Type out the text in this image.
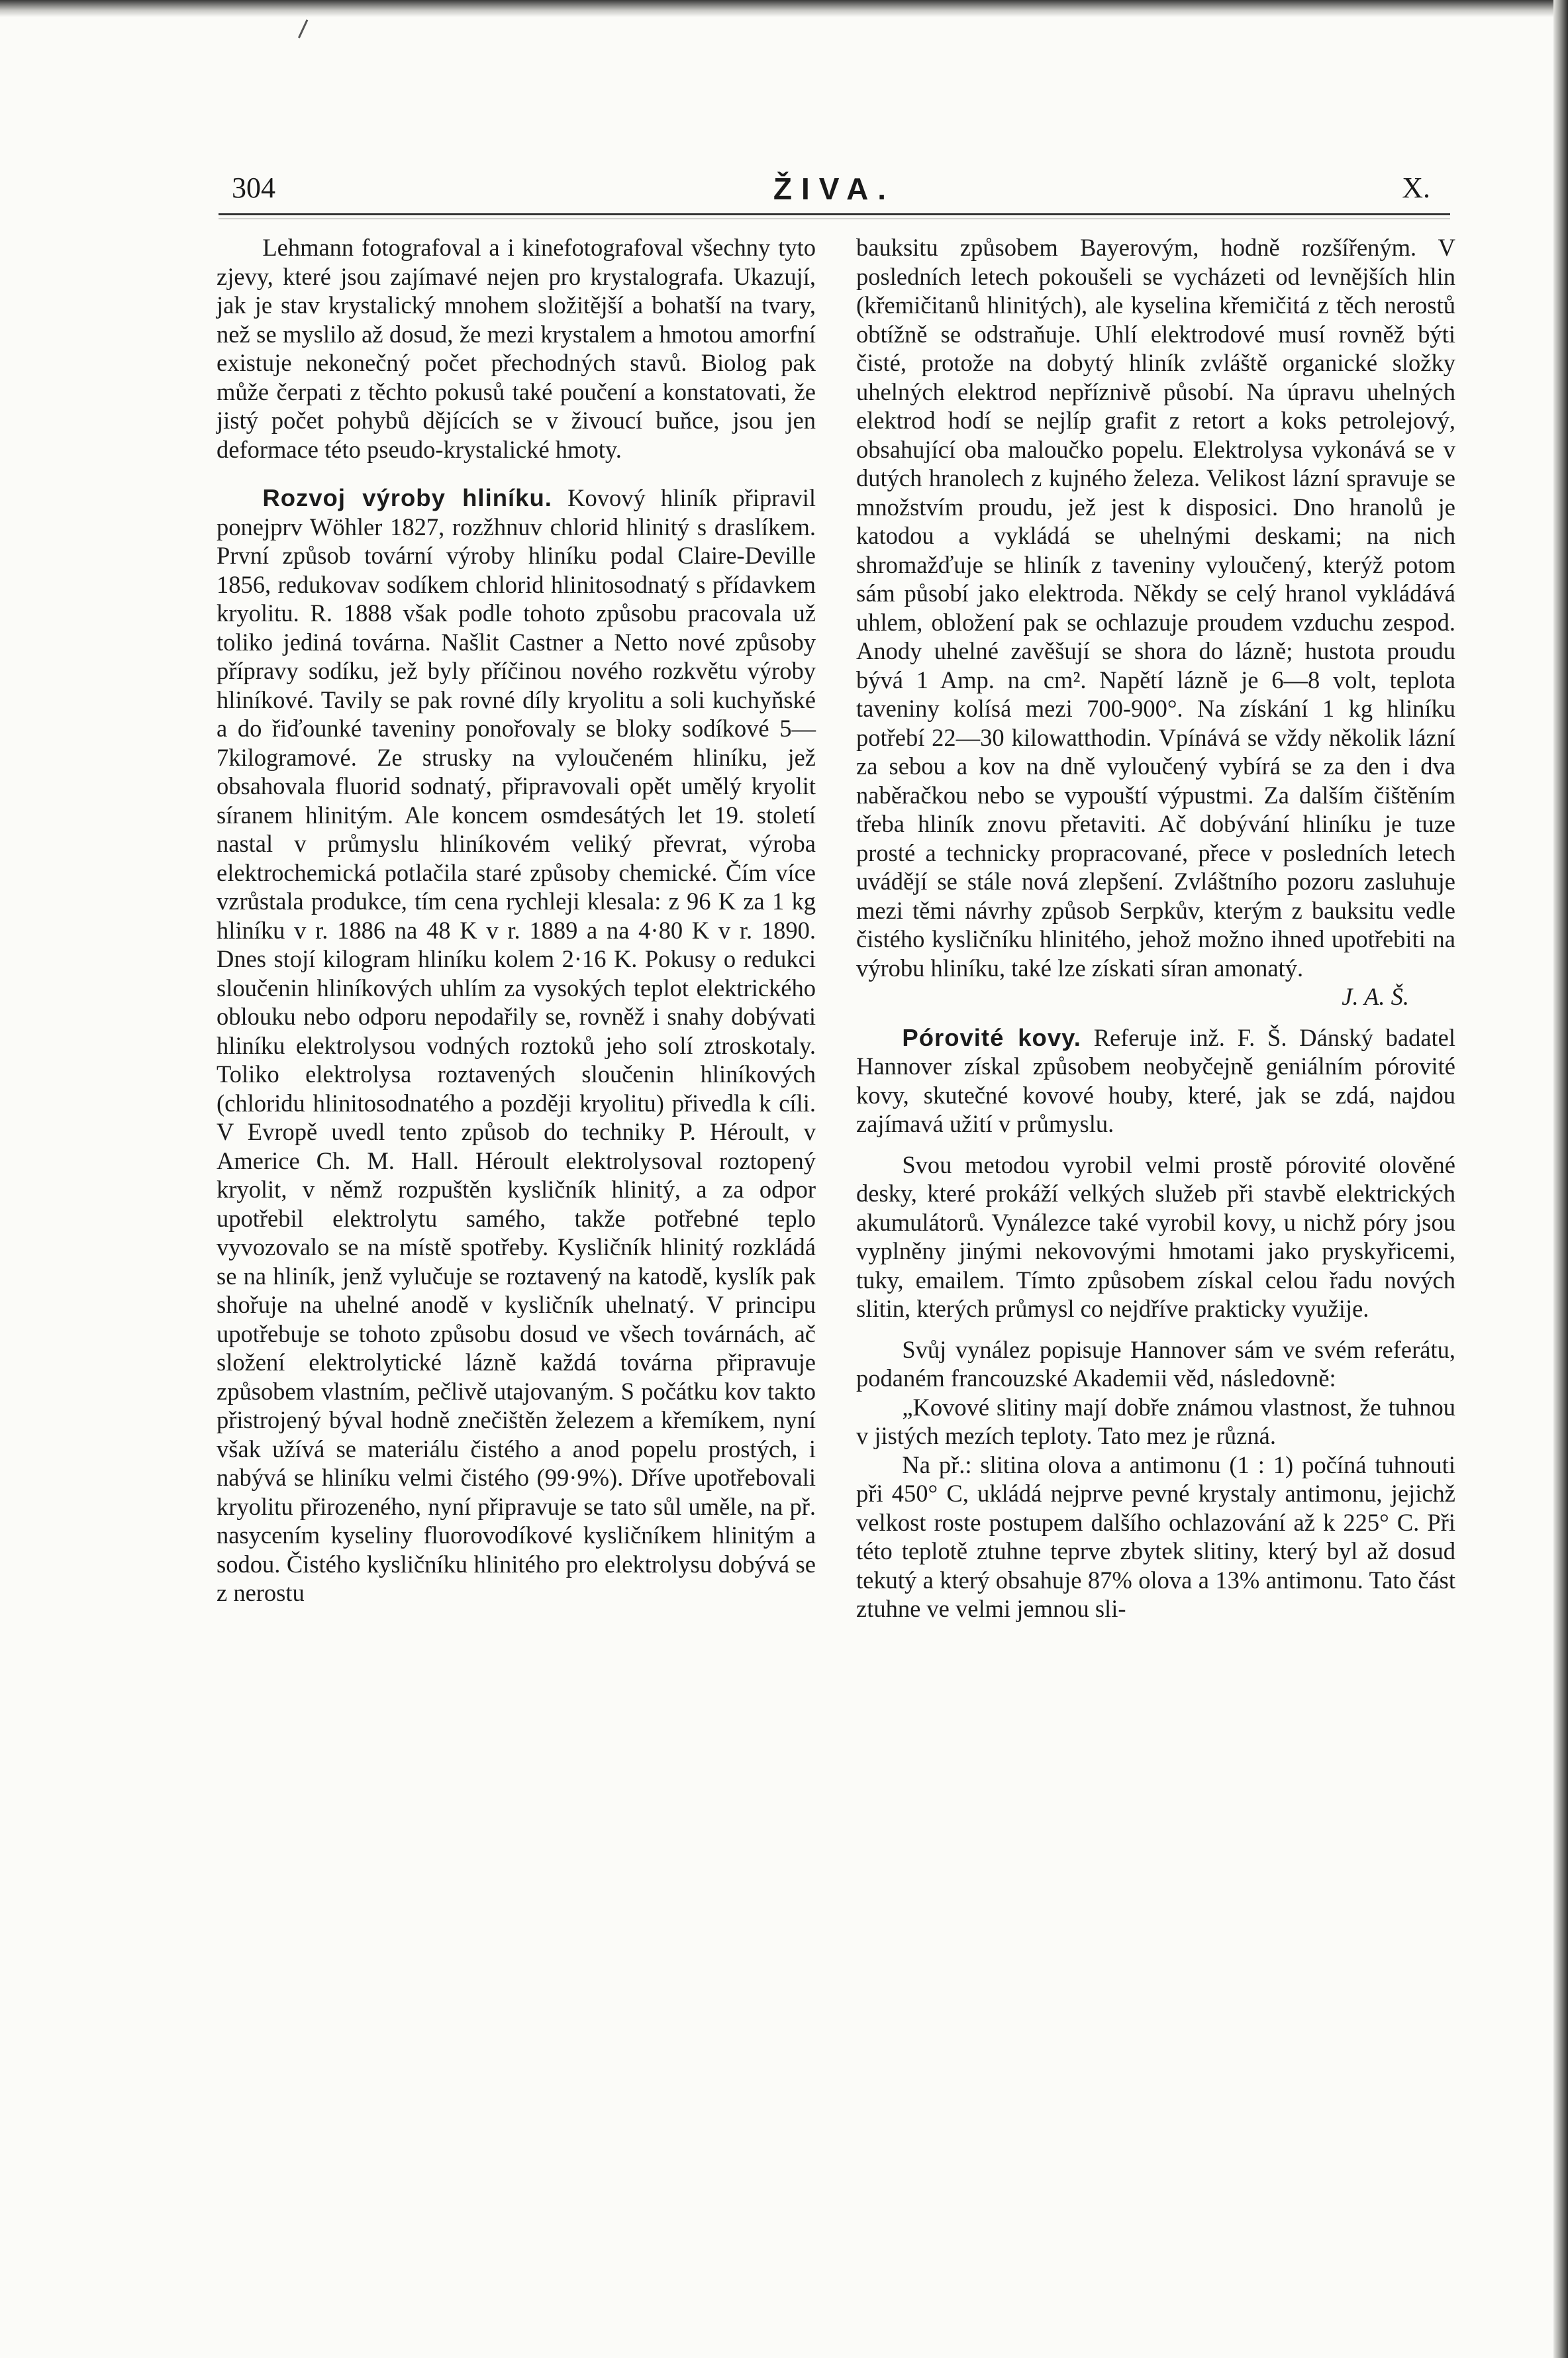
304	ŽIVA.	X.

Lehmann fotografoval a i kinefotografoval všechny tyto zjevy, které jsou zajímavé nejen pro krystalografa. Ukazují, jak je stav krystalický mnohem složitější a bohatší na tvary, než se myslilo až dosud, že mezi krystalem a hmotou amorfní existuje nekonečný počet přechodných stavů. Biolog pak může čerpati z těchto pokusů také poučení a konstatovati, že jistý počet pohybů dějících se v živoucí buňce, jsou jen deformace této pseudo-krystalické hmoty.

Rozvoj výroby hliníku. Kovový hliník připravil ponejprv Wöhler 1827, rozžhnuv chlorid hlinitý s draslíkem. První způsob tovární výroby hliníku podal Claire-Deville 1856, redukovav sodíkem chlorid hlinitosodnatý s přídavkem kryolitu. R. 1888 však podle tohoto způsobu pracovala už toliko jediná továrna. Našlit Castner a Netto nové způsoby přípravy sodíku, jež byly příčinou nového rozkvětu výroby hliníkové. Tavily se pak rovné díly kryolitu a soli kuchyňské a do řiďounké taveniny ponořovaly se bloky sodíkové 5—7kilogramové. Ze strusky na vyloučeném hliníku, jež obsahovala fluorid sodnatý, připravovali opět umělý kryolit síranem hlinitým. Ale koncem osmdesátých let 19. století nastal v průmyslu hliníkovém veliký převrat, výroba elektrochemická potlačila staré způsoby chemické. Čím více vzrůstala produkce, tím cena rychleji klesala: z 96 K za 1 kg hliníku v r. 1886 na 48 K v r. 1889 a na 4·80 K v r. 1890. Dnes stojí kilogram hliníku kolem 2·16 K. Pokusy o redukci sloučenin hliníkových uhlím za vysokých teplot elektrického oblouku nebo odporu nepodařily se, rovněž i snahy dobývati hliníku elektrolysou vodných roztoků jeho solí ztroskotaly. Toliko elektrolysa roztavených sloučenin hliníkových (chloridu hlinitosodnatého a později kryolitu) přivedla k cíli. V Evropě uvedl tento způsob do techniky P. Héroult, v Americe Ch. M. Hall. Héroult elektrolysoval roztopený kryolit, v němž rozpuštěn kysličník hlinitý, a za odpor upotřebil elektrolytu samého, takže potřebné teplo vyvozovalo se na místě spotřeby. Kysličník hlinitý rozkládá se na hliník, jenž vylučuje se roztavený na katodě, kyslík pak shořuje na uhelné anodě v kysličník uhelnatý. V principu upotřebuje se tohoto způsobu dosud ve všech továrnách, ač složení elektrolytické lázně každá továrna připravuje způsobem vlastním, pečlivě utajovaným. S počátku kov takto přistrojený býval hodně znečištěn železem a křemíkem, nyní však užívá se materiálu čistého a anod popelu prostých, i nabývá se hliníku velmi čistého (99·9%). Dříve upotřebovali kryolitu přirozeného, nyní připravuje se tato sůl uměle, na př. nasycením kyseliny fluorovodíkové kysličníkem hlinitým a sodou. Čistého kysličníku hlinitého pro elektrolysu dobývá se z nerostu

bauksitu způsobem Bayerovým, hodně rozšířeným. V posledních letech pokoušeli se vycházeti od levnějších hlin (křemičitanů hlinitých), ale kyselina křemičitá z těch nerostů obtížně se odstraňuje. Uhlí elektrodové musí rovněž býti čisté, protože na dobytý hliník zvláště organické složky uhelných elektrod nepříznivě působí. Na úpravu uhelných elektrod hodí se nejlíp grafit z retort a koks petrolejový, obsahující oba maloučko popelu. Elektrolysa vykonává se v dutých hranolech z kujného železa. Velikost lázní spravuje se množstvím proudu, jež jest k disposici. Dno hranolů je katodou a vykládá se uhelnými deskami; na nich shromažďuje se hliník z taveniny vyloučený, kterýž potom sám působí jako elektroda. Někdy se celý hranol vykládává uhlem, obložení pak se ochlazuje proudem vzduchu zespod. Anody uhelné zavěšují se shora do lázně; hustota proudu bývá 1 Amp. na cm². Napětí lázně je 6—8 volt, teplota taveniny kolísá mezi 700-900°. Na získání 1 kg hliníku potřebí 22—30 kilowatthodin. Vpínává se vždy několik lázní za sebou a kov na dně vyloučený vybírá se za den i dva naběračkou nebo se vypouští výpustmi. Za dalším čištěním třeba hliník znovu přetaviti. Ač dobývání hliníku je tuze prosté a technicky propracované, přece v posledních letech uvádějí se stále nová zlepšení. Zvláštního pozoru zasluhuje mezi těmi návrhy způsob Serpkův, kterým z bauksitu vedle čistého kysličníku hlinitého, jehož možno ihned upotřebiti na výrobu hliníku, také lze získati síran amonatý.

J. A. Š.

Pórovité kovy. Referuje inž. F. Š. Dánský badatel Hannover získal způsobem neobyčejně geniálním pórovité kovy, skutečné kovové houby, které, jak se zdá, najdou zajímavá užití v průmyslu.

Svou metodou vyrobil velmi prostě pórovité olověné desky, které prokáží velkých služeb při stavbě elektrických akumulátorů. Vynálezce také vyrobil kovy, u nichž póry jsou vyplněny jinými nekovovými hmotami jako pryskyřicemi, tuky, emailem. Tímto způsobem získal celou řadu nových slitin, kterých průmysl co nejdříve prakticky využije.

Svůj vynález popisuje Hannover sám ve svém referátu, podaném francouzské Akademii věd, následovně:

„Kovové slitiny mají dobře známou vlastnost, že tuhnou v jistých mezích teploty. Tato mez je různá.

Na př.: slitina olova a antimonu (1 : 1) počíná tuhnouti při 450° C, ukládá nejprve pevné krystaly antimonu, jejichž velkost roste postupem dalšího ochlazování až k 225° C. Při této teplotě ztuhne teprve zbytek slitiny, který byl až dosud tekutý a který obsahuje 87% olova a 13% antimonu. Tato část ztuhne ve velmi jemnou sli-
